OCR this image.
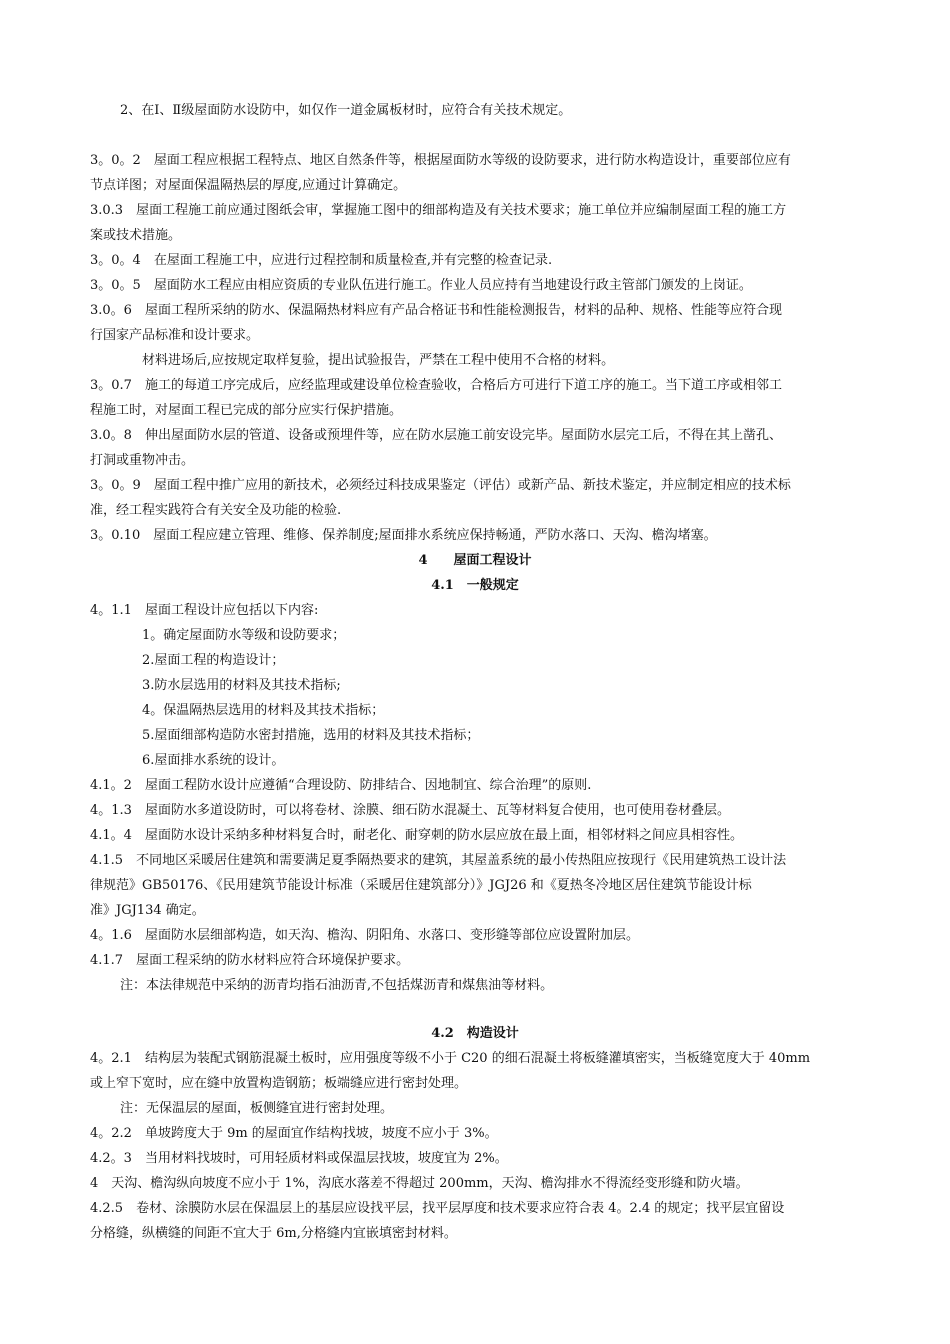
2、在Ⅰ、Ⅱ级屋面防水设防中，如仅作一道金属板材时，应符合有关技术规定。
3。0。2　屋面工程应根据工程特点、地区自然条件等，根据屋面防水等级的设防要求，进行防水构造设计，重要部位应有
节点详图；对屋面保温隔热层的厚度,应通过计算确定。
3.0.3　屋面工程施工前应通过图纸会审，掌握施工图中的细部构造及有关技术要求；施工单位并应编制屋面工程的施工方
案或技术措施。
3。0。4　在屋面工程施工中，应进行过程控制和质量检查,并有完整的检查记录.
3。0。5　屋面防水工程应由相应资质的专业队伍进行施工。作业人员应持有当地建设行政主管部门颁发的上岗证。
3.0。6　屋面工程所采纳的防水、保温隔热材料应有产品合格证书和性能检测报告，材料的品种、规格、性能等应符合现
行国家产品标准和设计要求。
材料进场后,应按规定取样复验，提出试验报告，严禁在工程中使用不合格的材料。
3。0.7　施工的每道工序完成后，应经监理或建设单位检查验收，合格后方可进行下道工序的施工。当下道工序或相邻工
程施工时，对屋面工程已完成的部分应实行保护措施。
3.0。8　伸出屋面防水层的管道、设备或预埋件等，应在防水层施工前安设完毕。屋面防水层完工后，不得在其上凿孔、
打洞或重物冲击。
3。0。9　屋面工程中推广应用的新技术，必须经过科技成果鉴定（评估）或新产品、新技术鉴定，并应制定相应的技术标
准，经工程实践符合有关安全及功能的检验.
3。0.10　屋面工程应建立管理、维修、保养制度;屋面排水系统应保持畅通，严防水落口、天沟、檐沟堵塞。
4　　屋面工程设计
4.1　一般规定
4。1.1　屋面工程设计应包括以下内容:
1。确定屋面防水等级和设防要求；
2.屋面工程的构造设计；
3.防水层选用的材料及其技术指标;
4。保温隔热层选用的材料及其技术指标；
5.屋面细部构造防水密封措施，选用的材料及其技术指标；
6.屋面排水系统的设计。
4.1。2　屋面工程防水设计应遵循“合理设防、防排结合、因地制宜、综合治理”的原则.
4。1.3　屋面防水多道设防时，可以将卷材、涂膜、细石防水混凝土、瓦等材料复合使用，也可使用卷材叠层。
4.1。4　屋面防水设计采纳多种材料复合时，耐老化、耐穿刺的防水层应放在最上面，相邻材料之间应具相容性。
4.1.5　不同地区采暖居住建筑和需要满足夏季隔热要求的建筑，其屋盖系统的最小传热阻应按现行《民用建筑热工设计法
律规范》GB50176、《民用建筑节能设计标准（采暖居住建筑部分）》JGJ26 和《夏热冬冷地区居住建筑节能设计标
准》JGJ134 确定。
4。1.6　屋面防水层细部构造，如天沟、檐沟、阴阳角、水落口、变形缝等部位应设置附加层。
4.1.7　屋面工程采纳的防水材料应符合环境保护要求。
注：本法律规范中采纳的沥青均指石油沥青,不包括煤沥青和煤焦油等材料。
4.2　构造设计
4。2.1　结构层为装配式钢筋混凝土板时，应用强度等级不小于 C20 的细石混凝土将板缝灌填密实，当板缝宽度大于 40mm
或上窄下宽时，应在缝中放置构造钢筋；板端缝应进行密封处理。
注：无保温层的屋面，板侧缝宜进行密封处理。
4。2.2　单坡跨度大于 9m 的屋面宜作结构找坡，坡度不应小于 3%。
4.2。3　当用材料找坡时，可用轻质材料或保温层找坡，坡度宜为 2%。
4　天沟、檐沟纵向坡度不应小于 1%，沟底水落差不得超过 200mm，天沟、檐沟排水不得流经变形缝和防火墙。
4.2.5　卷材、涂膜防水层在保温层上的基层应设找平层，找平层厚度和技术要求应符合表 4。2.4 的规定；找平层宜留设
分格缝，纵横缝的间距不宜大于 6m,分格缝内宜嵌填密封材料。
